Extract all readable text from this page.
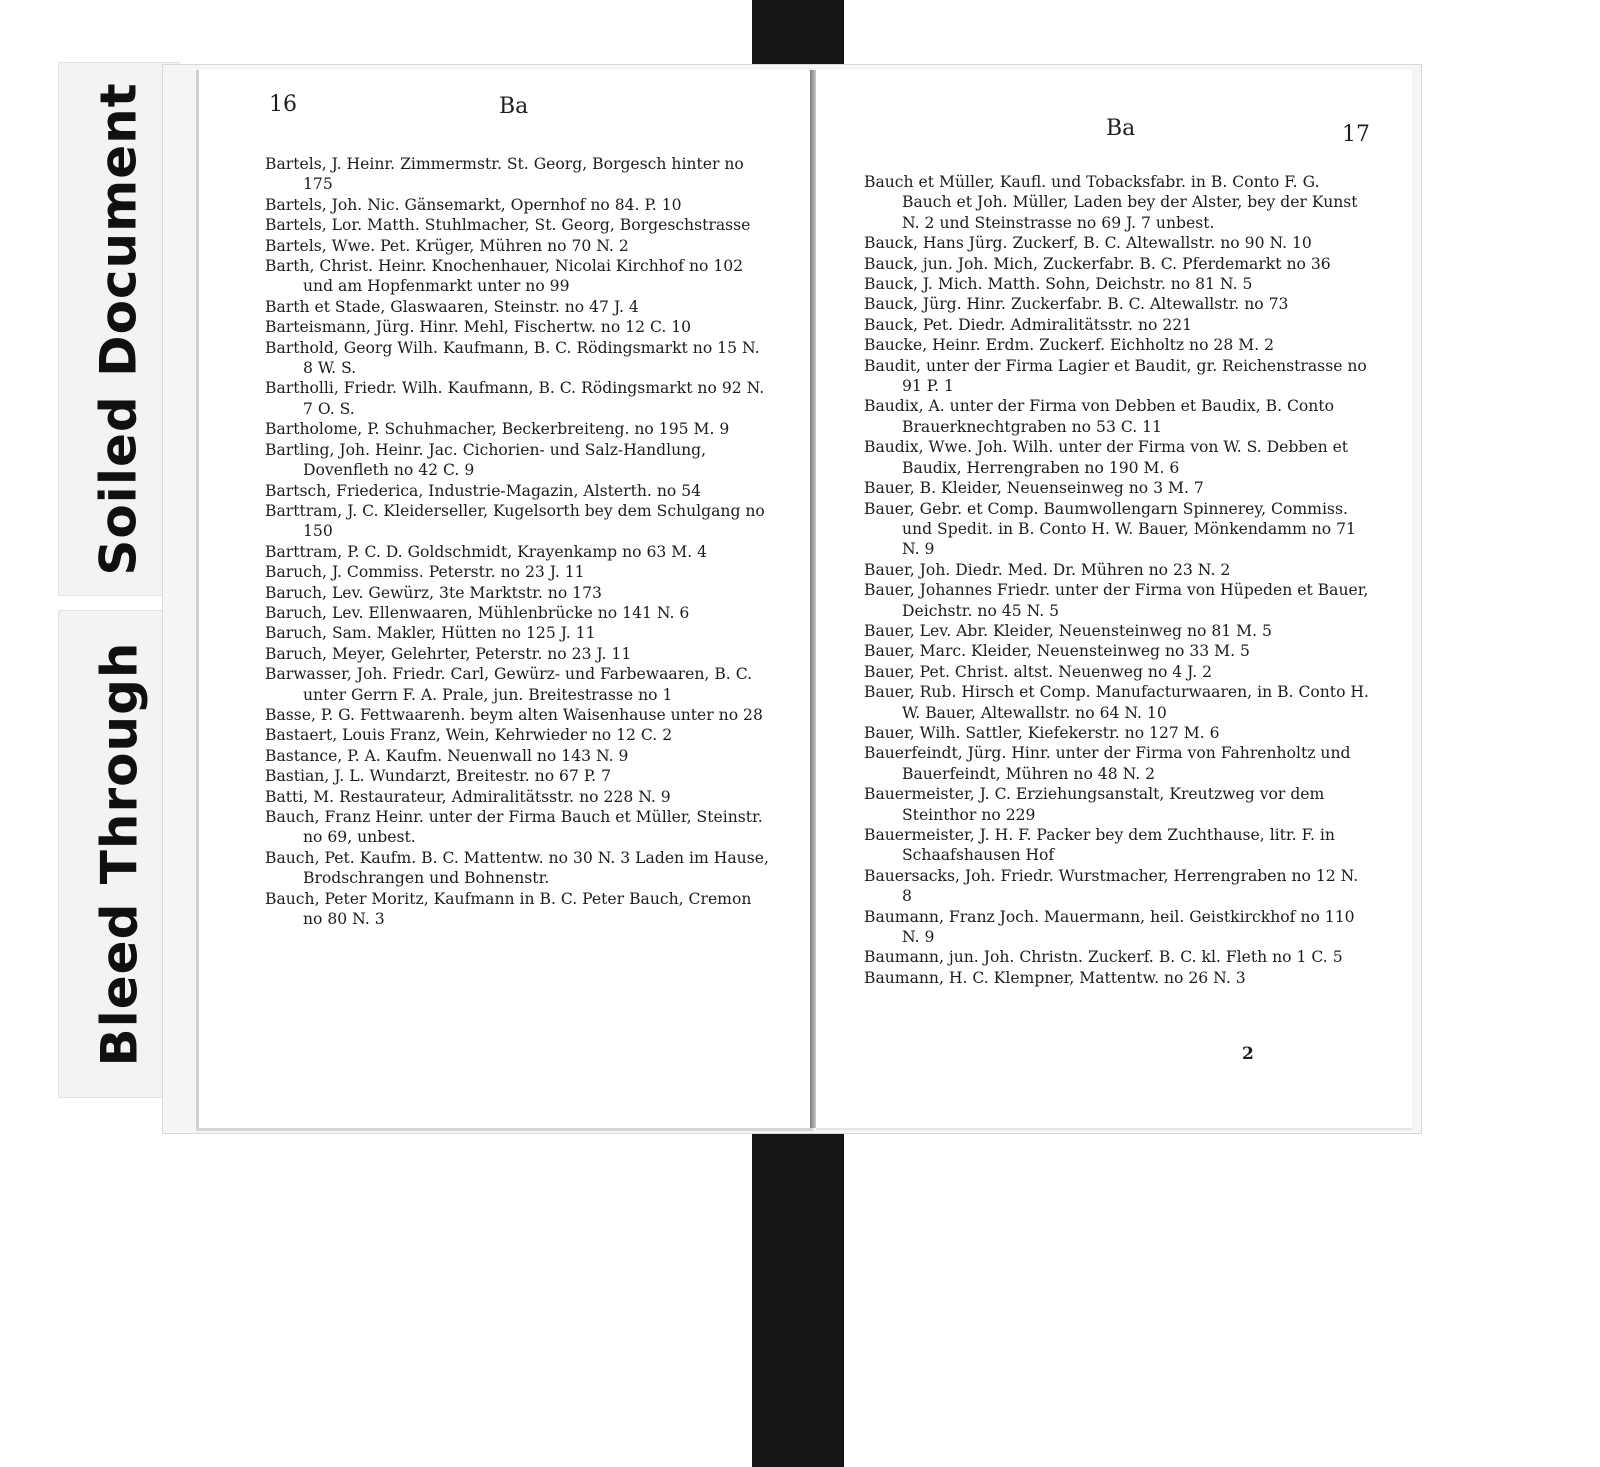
Soiled Document
Bleed Through
16	Ba
Bartels, J. Heinr. Zimmermstr. St. Georg, Borgesch hinter no 175
Bartels, Joh. Nic. Gänsemarkt, Opernhof no 84. P. 10
Bartels, Lor. Matth. Stuhlmacher, St. Georg, Borgeschstrasse
Bartels, Wwe. Pet. Krüger, Mühren no 70 N. 2
Barth, Christ. Heinr. Knochenhauer, Nicolai Kirchhof no 102 und am Hopfenmarkt unter no 99
Barth et Stade, Glaswaaren, Steinstr. no 47 J. 4
Barteismann, Jürg. Hinr. Mehl, Fischertw. no 12 C. 10
Barthold, Georg Wilh. Kaufmann, B. C. Rödingsmarkt no 15 N. 8 W. S.
Bartholli, Friedr. Wilh. Kaufmann, B. C. Rödingsmarkt no 92 N. 7 O. S.
Bartholome, P. Schuhmacher, Beckerbreiteng. no 195 M. 9
Bartling, Joh. Heinr. Jac. Cichorien- und Salz-Handlung, Dovenfleth no 42 C. 9
Bartsch, Friederica, Industrie-Magazin, Alsterth. no 54
Barttram, J. C. Kleiderseller, Kugelsorth bey dem Schulgang no 150
Barttram, P. C. D. Goldschmidt, Krayenkamp no 63 M. 4
Baruch, J. Commiss. Peterstr. no 23 J. 11
Baruch, Lev. Gewürz, 3te Marktstr. no 173
Baruch, Lev. Ellenwaaren, Mühlenbrücke no 141 N. 6
Baruch, Sam. Makler, Hütten no 125 J. 11
Baruch, Meyer, Gelehrter, Peterstr. no 23 J. 11
Barwasser, Joh. Friedr. Carl, Gewürz- und Farbewaaren, B. C. unter Gerrn F. A. Prale, jun. Breitestrasse no 1
Basse, P. G. Fettwaarenh. beym alten Waisenhause unter no 28
Bastaert, Louis Franz, Wein, Kehrwieder no 12 C. 2
Bastance, P. A. Kaufm. Neuenwall no 143 N. 9
Bastian, J. L. Wundarzt, Breitestr. no 67 P. 7
Batti, M. Restaurateur, Admiralitätsstr. no 228 N. 9
Bauch, Franz Heinr. unter der Firma Bauch et Müller, Steinstr. no 69, unbest.
Bauch, Pet. Kaufm. B. C. Mattentw. no 30 N. 3 Laden im Hause, Brodschrangen und Bohnenstr.
Bauch, Peter Moritz, Kaufmann in B. C. Peter Bauch, Cremon no 80 N. 3
Ba	17
Bauch et Müller, Kaufl. und Tobacksfabr. in B. Conto F. G. Bauch et Joh. Müller, Laden bey der Alster, bey der Kunst N. 2 und Steinstrasse no 69 J. 7 unbest.
Bauck, Hans Jürg. Zuckerf, B. C. Altewallstr. no 90 N. 10
Bauck, jun. Joh. Mich, Zuckerfabr. B. C. Pferdemarkt no 36
Bauck, J. Mich. Matth. Sohn, Deichstr. no 81 N. 5
Bauck, Jürg. Hinr. Zuckerfabr. B. C. Altewallstr. no 73
Bauck, Pet. Diedr. Admiralitätsstr. no 221
Baucke, Heinr. Erdm. Zuckerf. Eichholtz no 28 M. 2
Baudit, unter der Firma Lagier et Baudit, gr. Reichenstrasse no 91 P. 1
Baudix, A. unter der Firma von Debben et Baudix, B. Conto Brauerknechtgraben no 53 C. 11
Baudix, Wwe. Joh. Wilh. unter der Firma von W. S. Debben et Baudix, Herrengraben no 190 M. 6
Bauer, B. Kleider, Neuenseinweg no 3 M. 7
Bauer, Gebr. et Comp. Baumwollengarn Spinnerey, Commiss. und Spedit. in B. Conto H. W. Bauer, Mönkendamm no 71 N. 9
Bauer, Joh. Diedr. Med. Dr. Mühren no 23 N. 2
Bauer, Johannes Friedr. unter der Firma von Hüpeden et Bauer, Deichstr. no 45 N. 5
Bauer, Lev. Abr. Kleider, Neuensteinweg no 81 M. 5
Bauer, Marc. Kleider, Neuensteinweg no 33 M. 5
Bauer, Pet. Christ. altst. Neuenweg no 4 J. 2
Bauer, Rub. Hirsch et Comp. Manufacturwaaren, in B. Conto H. W. Bauer, Altewallstr. no 64 N. 10
Bauer, Wilh. Sattler, Kiefekerstr. no 127 M. 6
Bauerfeindt, Jürg. Hinr. unter der Firma von Fahrenholtz und Bauerfeindt, Mühren no 48 N. 2
Bauermeister, J. C. Erziehungsanstalt, Kreutzweg vor dem Steinthor no 229
Bauermeister, J. H. F. Packer bey dem Zuchthause, litr. F. in Schaafshausen Hof
Bauersacks, Joh. Friedr. Wurstmacher, Herrengraben no 12 N. 8
Baumann, Franz Joch. Mauermann, heil. Geistkirckhof no 110 N. 9
Baumann, jun. Joh. Christn. Zuckerf. B. C. kl. Fleth no 1 C. 5
Baumann, H. C. Klempner, Mattentw. no 26 N. 3
2
